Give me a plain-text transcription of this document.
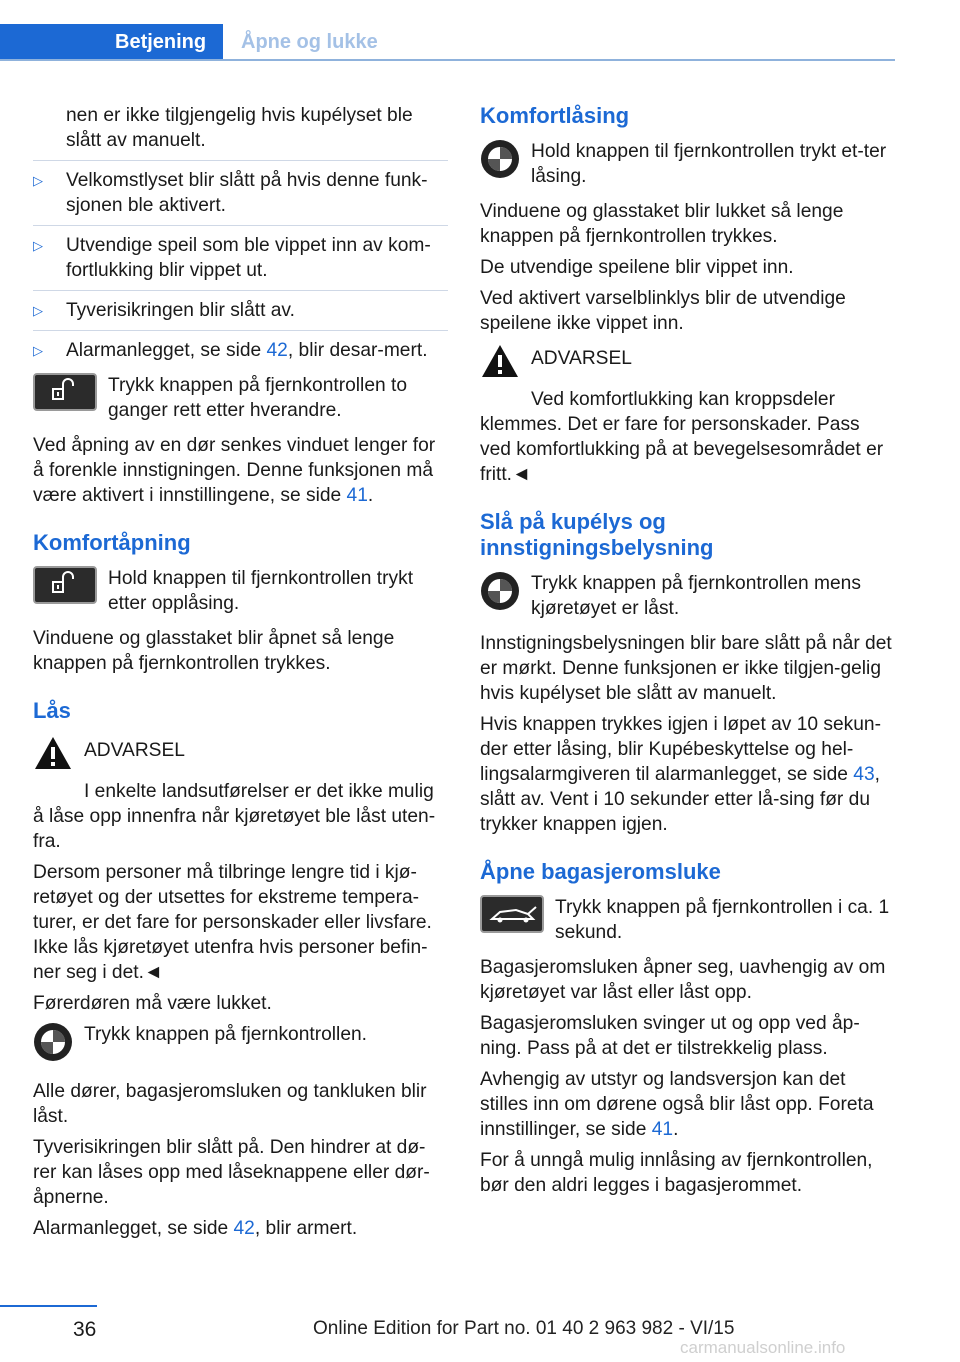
Betjening	Åpne og lukke

nen er ikke tilgjengelig hvis kupélyset ble slått av manuelt.

▷ Velkomstlyset blir slått på hvis denne funk-sjonen ble aktivert.
▷ Utvendige speil som ble vippet inn av kom-fortlukking blir vippet ut.
▷ Tyverisikringen blir slått av.
▷ Alarmanlegget, se side 42, blir desar-mert.
Trykk knappen på fjernkontrollen to ganger rett etter hverandre.

Ved åpning av en dør senkes vinduet lenger for å forenkle innstigningen. Denne funksjonen må være aktivert i innstillingene, se side 41.

Komfortåpning
Hold knappen til fjernkontrollen trykt etter opplåsing.

Vinduene og glasstaket blir åpnet så lenge knappen på fjernkontrollen trykkes.

Lås
ADVARSEL

I enkelte landsutførelser er det ikke mulig å låse opp innenfra når kjøretøyet ble låst uten-fra.

Dersom personer må tilbringe lengre tid i kjø-retøyet og der utsettes for ekstreme tempera-turer, er det fare for personskader eller livsfare. Ikke lås kjøretøyet utenfra hvis personer befin-ner seg i det.◄

Førerdøren må være lukket.

Trykk knappen på fjernkontrollen.

Alle dører, bagasjeromsluken og tankluken blir låst.

Tyverisikringen blir slått på. Den hindrer at dø-rer kan låses opp med låseknappene eller dør-åpnerne.

Alarmanlegget, se side 42, blir armert.

Komfortlåsing
Hold knappen til fjernkontrollen trykt et-ter låsing.

Vinduene og glasstaket blir lukket så lenge knappen på fjernkontrollen trykkes.

De utvendige speilene blir vippet inn.

Ved aktivert varselblinklys blir de utvendige speilene ikke vippet inn.

ADVARSEL

Ved komfortlukking kan kroppsdeler klemmes. Det er fare for personskader. Pass ved komfortlukking på at bevegelsesområdet er fritt.◄

Slå på kupélys og innstigningsbelysning
Trykk knappen på fjernkontrollen mens kjøretøyet er låst.

Innstigningsbelysningen blir bare slått på når det er mørkt. Denne funksjonen er ikke tilgjen-gelig hvis kupélyset ble slått av manuelt.

Hvis knappen trykkes igjen i løpet av 10 sekun-der etter låsing, blir Kupébeskyttelse og hel-lingsalarmgiveren til alarmanlegget, se side 43, slått av. Vent i 10 sekunder etter lå-sing før du trykker knappen igjen.

Åpne bagasjeromsluke
Trykk knappen på fjernkontrollen i ca. 1 sekund.

Bagasjeromsluken åpner seg, uavhengig av om kjøretøyet var låst eller låst opp.

Bagasjeromsluken svinger ut og opp ved åp-ning. Pass på at det er tilstrekkelig plass.

Avhengig av utstyr og landsversjon kan det stilles inn om dørene også blir låst opp. Foreta innstillinger, se side 41.

For å unngå mulig innlåsing av fjernkontrollen, bør den aldri legges i bagasjerommet.

36	Online Edition for Part no. 01 40 2 963 982 - VI/15
carmanualsonline.info
